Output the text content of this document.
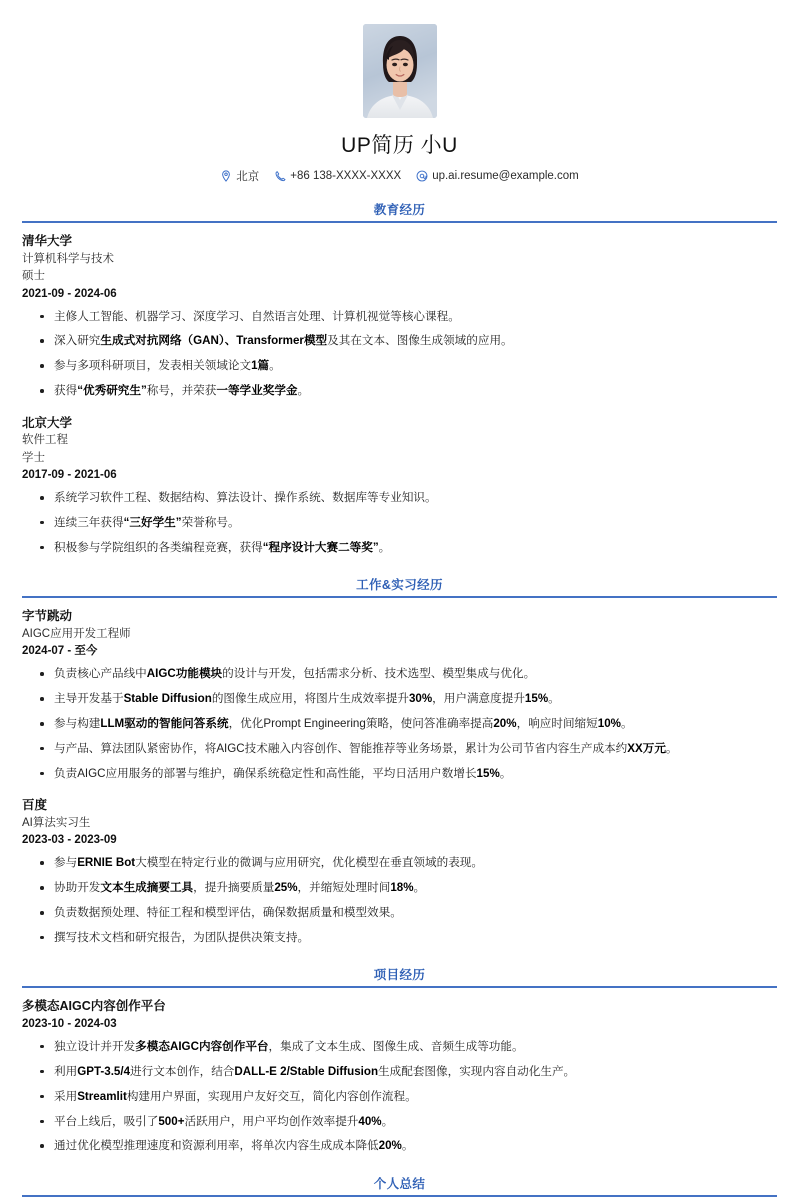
UP简历 小U
北京	+86 138-XXXX-XXXX	up.ai.resume@example.com
教育经历
清华大学
计算机科学与技术
硕士
2021-09 - 2024-06
主修人工智能、机器学习、深度学习、自然语言处理、计算机视觉等核心课程。
深入研究生成式对抗网络（GAN）、Transformer模型及其在文本、图像生成领域的应用。
参与多项科研项目，发表相关领域论文1篇。
获得“优秀研究生”称号，并荣获一等学业奖学金。
北京大学
软件工程
学士
2017-09 - 2021-06
系统学习软件工程、数据结构、算法设计、操作系统、数据库等专业知识。
连续三年获得“三好学生”荣誉称号。
积极参与学院组织的各类编程竞赛，获得“程序设计大赛二等奖”。
工作&实习经历
字节跳动
AIGC应用开发工程师
2024-07 - 至今
负责核心产品线中AIGC功能模块的设计与开发，包括需求分析、技术选型、模型集成与优化。
主导开发基于Stable Diffusion的图像生成应用，将图片生成效率提升30%，用户满意度提升15%。
参与构建LLM驱动的智能问答系统，优化Prompt Engineering策略，使问答准确率提高20%，响应时间缩短10%。
与产品、算法团队紧密协作，将AIGC技术融入内容创作、智能推荐等业务场景，累计为公司节省内容生产成本约XX万元。
负责AIGC应用服务的部署与维护，确保系统稳定性和高性能，平均日活用户数增长15%。
百度
AI算法实习生
2023-03 - 2023-09
参与ERNIE Bot大模型在特定行业的微调与应用研究，优化模型在垂直领域的表现。
协助开发文本生成摘要工具，提升摘要质量25%，并缩短处理时间18%。
负责数据预处理、特征工程和模型评估，确保数据质量和模型效果。
撰写技术文档和研究报告，为团队提供决策支持。
项目经历
多模态AIGC内容创作平台
2023-10 - 2024-03
独立设计并开发多模态AIGC内容创作平台，集成了文本生成、图像生成、音频生成等功能。
利用GPT-3.5/4进行文本创作，结合DALL-E 2/Stable Diffusion生成配套图像，实现内容自动化生产。
采用Streamlit构建用户界面，实现用户友好交互，简化内容创作流程。
平台上线后，吸引了500+活跃用户，用户平均创作效率提升40%。
通过优化模型推理速度和资源利用率，将单次内容生成成本降低20%。
个人总结
